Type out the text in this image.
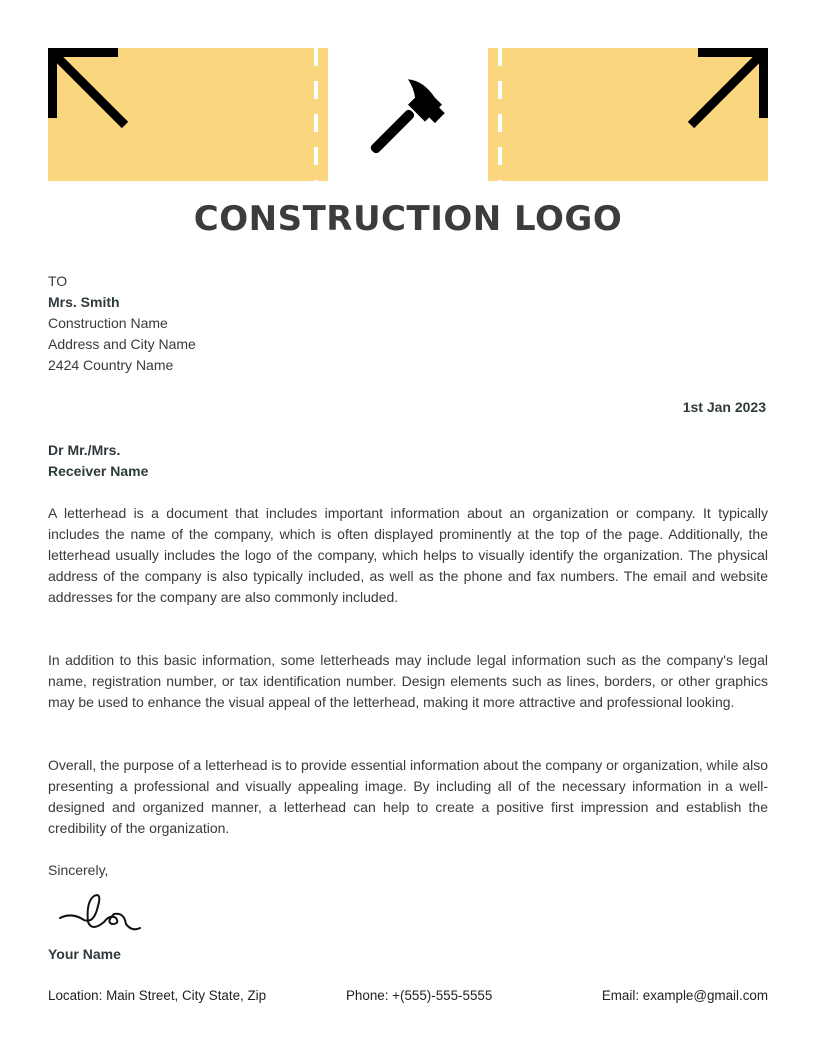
CONSTRUCTION LOGO
TO
Mrs. Smith
Construction Name
Address and City Name
2424 Country Name
1st Jan 2023
Dr Mr./Mrs.
Receiver Name
A letterhead is a document that includes important information about an organization or company. It typically includes the name of the company, which is often displayed prominently at the top of the page. Additionally, the letterhead usually includes the logo of the company, which helps to visually identify the organization. The physical address of the company is also typically included, as well as the phone and fax numbers. The email and website addresses for the company are also commonly included.
In addition to this basic information, some letterheads may include legal information such as the company's legal name, registration number, or tax identification number. Design elements such as lines, borders, or other graphics may be used to enhance the visual appeal of the letterhead, making it more attractive and professional looking.
Overall, the purpose of a letterhead is to provide essential information about the company or organization, while also presenting a professional and visually appealing image. By including all of the necessary information in a well-designed and organized manner, a letterhead can help to create a positive first impression and establish the credibility of the organization.
Sincerely,
Your Name
Location: Main Street, City State, Zip	Phone: +(555)-555-5555	Email: example@gmail.com
